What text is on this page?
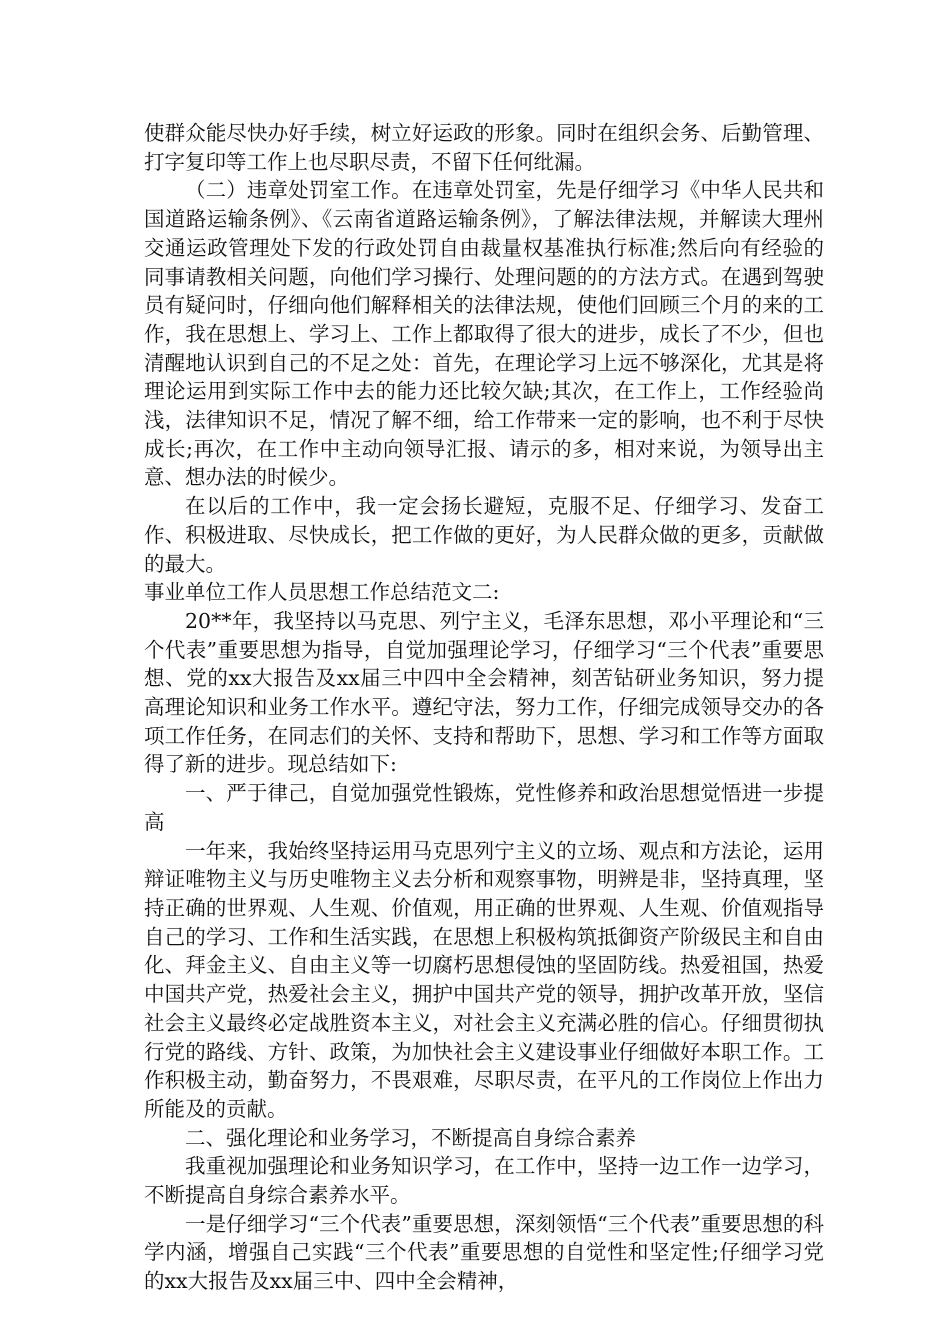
使群众能尽快办好手续，树立好运政的形象。同时在组织会务、后勤管理、打字复印等工作上也尽职尽责，不留下任何纰漏。

（二）违章处罚室工作。在违章处罚室，先是仔细学习《中华人民共和国道路运输条例》、《云南省道路运输条例》，了解法律法规，并解读大理州交通运政管理处下发的行政处罚自由裁量权基准执行标准;然后向有经验的同事请教相关问题，向他们学习操行、处理问题的的方法方式。在遇到驾驶员有疑问时，仔细向他们解释相关的法律法规，使他们回顾三个月的来的工作，我在思想上、学习上、工作上都取得了很大的进步，成长了不少，但也清醒地认识到自己的不足之处：首先，在理论学习上远不够深化，尤其是将理论运用到实际工作中去的能力还比较欠缺;其次，在工作上，工作经验尚浅，法律知识不足，情况了解不细，给工作带来一定的影响，也不利于尽快成长;再次，在工作中主动向领导汇报、请示的多，相对来说，为领导出主意、想办法的时候少。

在以后的工作中，我一定会扬长避短，克服不足、仔细学习、发奋工作、积极进取、尽快成长，把工作做的更好，为人民群众做的更多，贡献做的最大。

事业单位工作人员思想工作总结范文二:

20**年，我坚持以马克思、列宁主义，毛泽东思想，邓小平理论和“三个代表”重要思想为指导，自觉加强理论学习，仔细学习“三个代表”重要思想、党的xx大报告及xx届三中四中全会精神，刻苦钻研业务知识，努力提高理论知识和业务工作水平。遵纪守法，努力工作，仔细完成领导交办的各项工作任务，在同志们的关怀、支持和帮助下，思想、学习和工作等方面取得了新的进步。现总结如下:

一、严于律己，自觉加强党性锻炼，党性修养和政治思想觉悟进一步提高

一年来，我始终坚持运用马克思列宁主义的立场、观点和方法论，运用辩证唯物主义与历史唯物主义去分析和观察事物，明辨是非，坚持真理，坚持正确的世界观、人生观、价值观，用正确的世界观、人生观、价值观指导自己的学习、工作和生活实践，在思想上积极构筑抵御资产阶级民主和自由化、拜金主义、自由主义等一切腐朽思想侵蚀的坚固防线。热爱祖国，热爱中国共产党，热爱社会主义，拥护中国共产党的领导，拥护改革开放，坚信社会主义最终必定战胜资本主义，对社会主义充满必胜的信心。仔细贯彻执行党的路线、方针、政策，为加快社会主义建设事业仔细做好本职工作。工作积极主动，勤奋努力，不畏艰难，尽职尽责，在平凡的工作岗位上作出力所能及的贡献。

二、强化理论和业务学习，不断提高自身综合素养

我重视加强理论和业务知识学习，在工作中，坚持一边工作一边学习，不断提高自身综合素养水平。

一是仔细学习“三个代表”重要思想，深刻领悟“三个代表”重要思想的科学内涵，增强自己实践“三个代表”重要思想的自觉性和坚定性;仔细学习党的xx大报告及xx届三中、四中全会精神，
